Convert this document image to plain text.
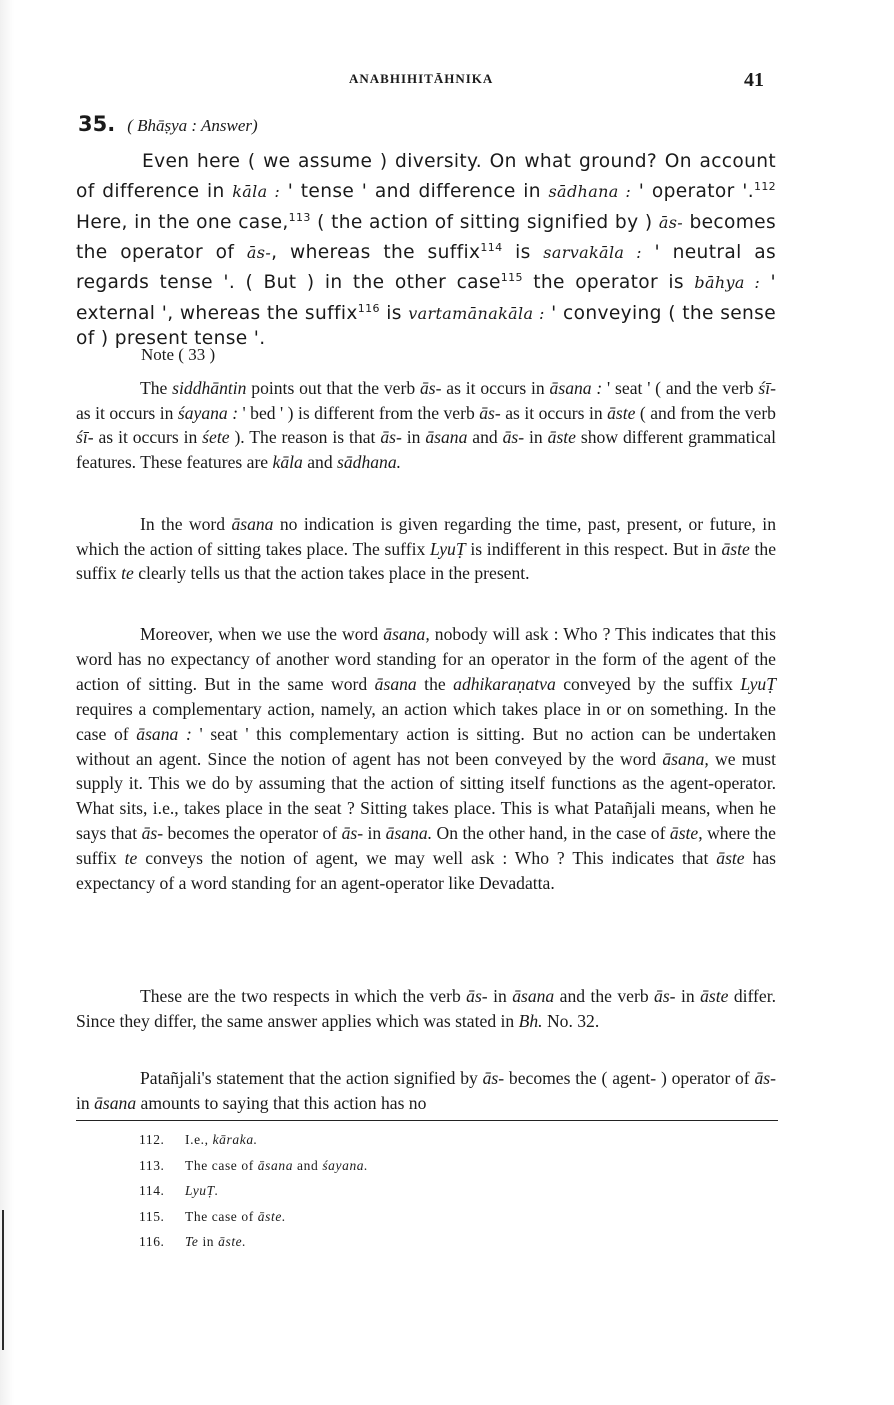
ANABHIHITĀHNIKA	41
35. ( Bhāṣya : Answer)

Even here ( we assume ) diversity. On what ground? On account of difference in kāla : ' tense ' and difference in sādhana : ' operator '.$^{112}$ Here, in the one case,$^{113}$ ( the action of sitting signified by ) ās- becomes the operator of ās-, whereas the suffix$^{114}$ is sarvakāla : ' neutral as regards tense '. ( But ) in the other case$^{115}$ the operator is bāhya : ' external ', whereas the suffix$^{116}$ is vartamānakāla : ' conveying ( the sense of ) present tense '.

Note ( 33 )

The siddhāntin points out that the verb ās- as it occurs in āsana : ' seat ' ( and the verb śī- as it occurs in śayana : ' bed ' ) is different from the verb ās- as it occurs in āste ( and from the verb śī- as it occurs in śete ). The reason is that ās- in āsana and ās- in āste show different grammatical features. These features are kāla and sādhana.

In the word āsana no indication is given regarding the time, past, present, or future, in which the action of sitting takes place. The suffix LyuṬ is indifferent in this respect. But in āste the suffix te clearly tells us that the action takes place in the present.

Moreover, when we use the word āsana, nobody will ask : Who ? This indicates that this word has no expectancy of another word standing for an operator in the form of the agent of the action of sitting. But in the same word āsana the adhikaraṇatva conveyed by the suffix LyuṬ requires a complementary action, namely, an action which takes place in or on something. In the case of āsana : ' seat ' this complementary action is sitting. But no action can be undertaken without an agent. Since the notion of agent has not been conveyed by the word āsana, we must supply it. This we do by assuming that the action of sitting itself functions as the agent-operator. What sits, i.e., takes place in the seat ? Sitting takes place. This is what Patañjali means, when he says that ās- becomes the operator of ās- in āsana. On the other hand, in the case of āste, where the suffix te conveys the notion of agent, we may well ask : Who ? This indicates that āste has expectancy of a word standing for an agent-operator like Devadatta.

These are the two respects in which the verb ās- in āsana and the verb ās- in āste differ. Since they differ, the same answer applies which was stated in Bh. No. 32.

Patañjali's statement that the action signified by ās- becomes the ( agent- ) operator of ās- in āsana amounts to saying that this action has no

112. I.e., kāraka.
113. The case of āsana and śayana.
114. LyuṬ.
115. The case of āste.
116. Te in āste.
